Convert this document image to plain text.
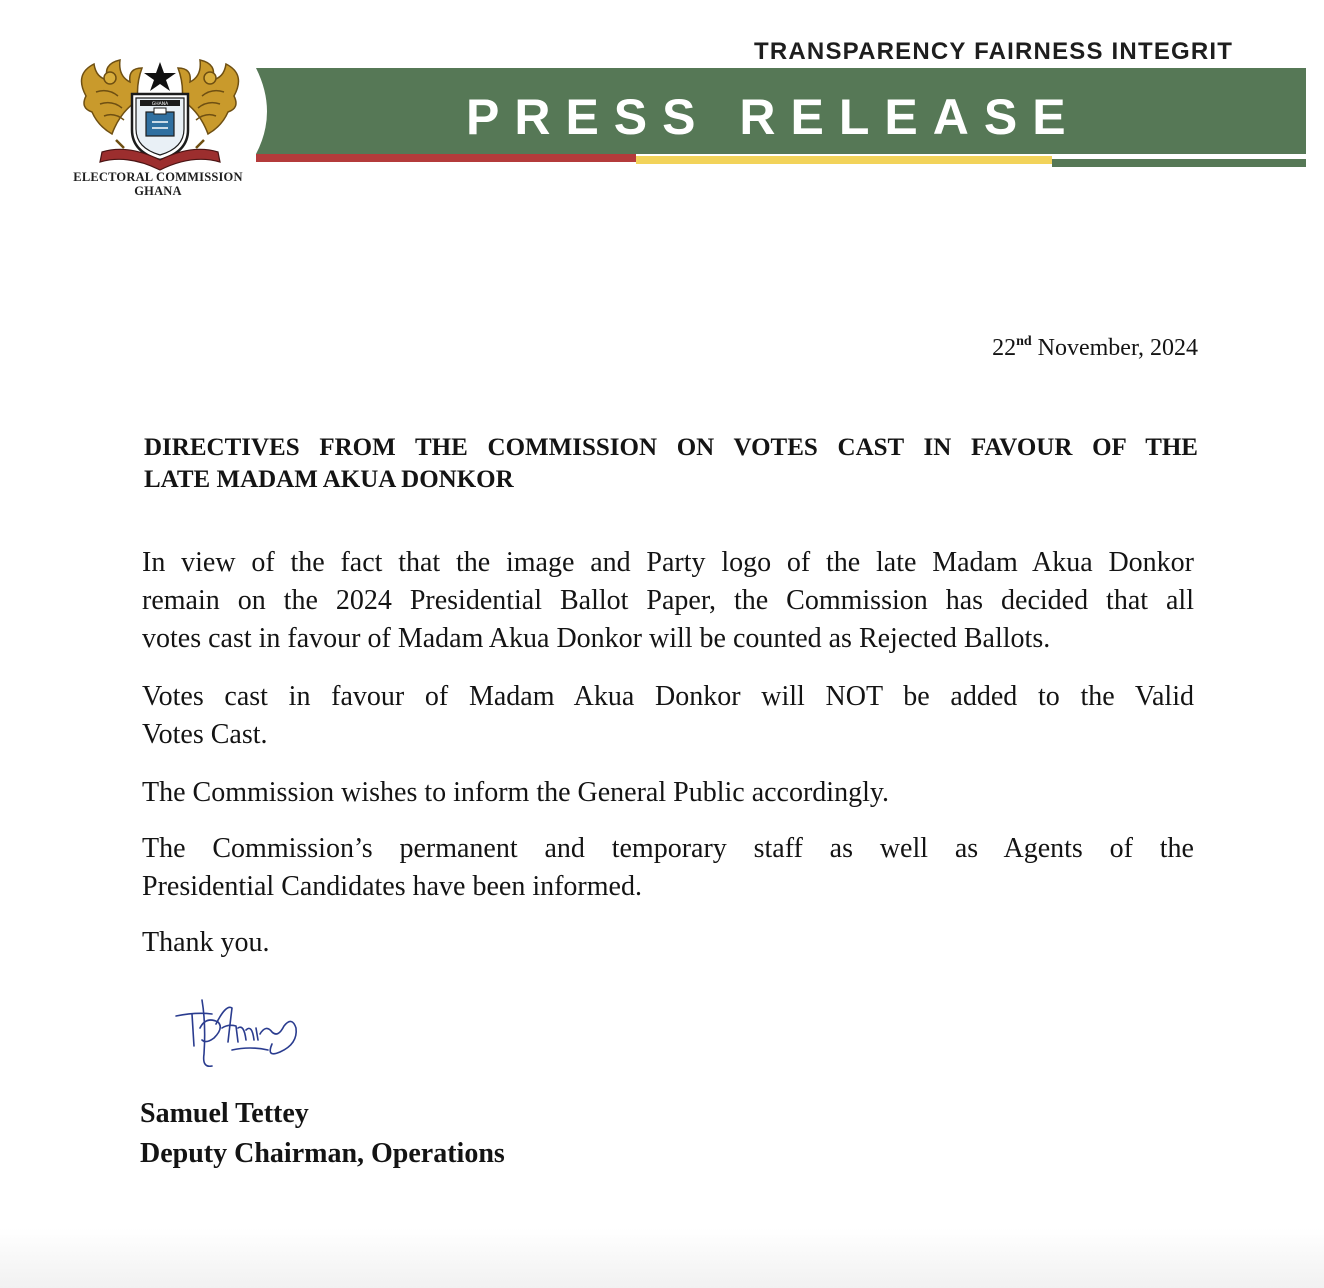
GHANA
ELECTORAL COMMISSION
GHANA
TRANSPARENCY FAIRNESS INTEGRIT
PRESS RELEASE
22nd November, 2024
DIRECTIVES FROM THE COMMISSION ON VOTES CAST IN FAVOUR OF THE
LATE MADAM AKUA DONKOR
In view of the fact that the image and Party logo of the late Madam Akua Donkor
remain on the 2024 Presidential Ballot Paper, the Commission has decided that all
votes cast in favour of Madam Akua Donkor will be counted as Rejected Ballots.
Votes cast in favour of Madam Akua Donkor will NOT be added to the Valid
Votes Cast.
The Commission wishes to inform the General Public accordingly.
The Commission’s permanent and temporary staff as well as Agents of the
Presidential Candidates have been informed.
Thank you.
Samuel Tettey
Deputy Chairman, Operations
